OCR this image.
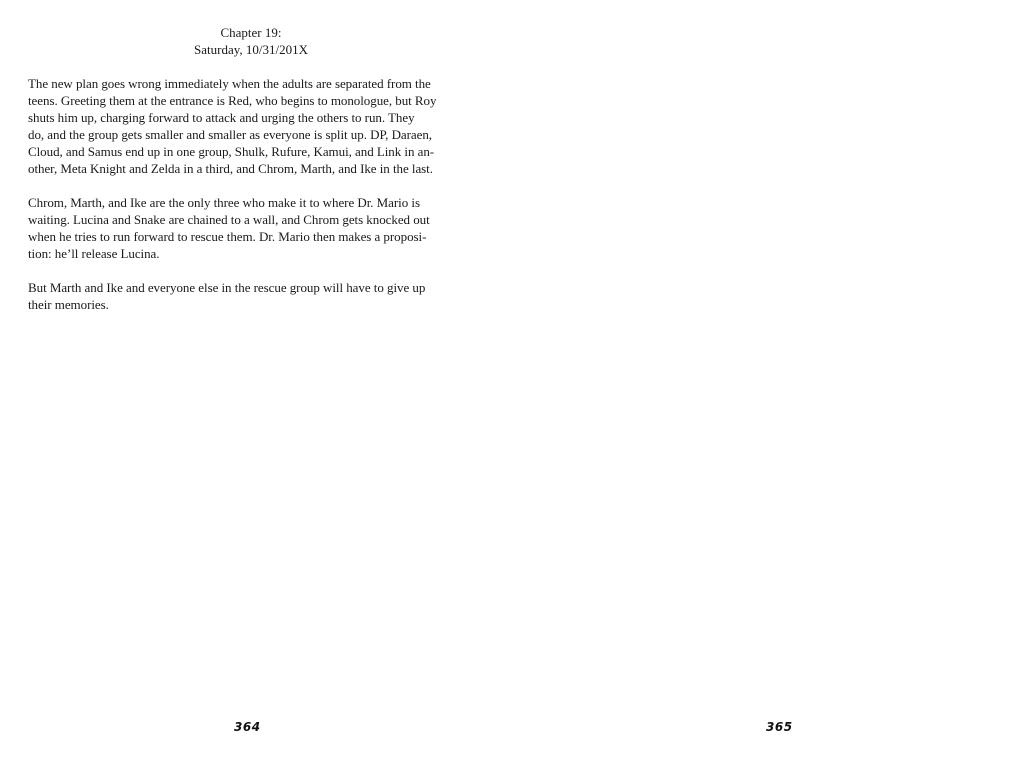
Chapter 19:
Saturday, 10/31/201X

The new plan goes wrong immediately when the adults are separated from the
teens. Greeting them at the entrance is Red, who begins to monologue, but Roy
shuts him up, charging forward to attack and urging the others to run. They
do, and the group gets smaller and smaller as everyone is split up. DP, Daraen,
Cloud, and Samus end up in one group, Shulk, Rufure, Kamui, and Link in an-
other, Meta Knight and Zelda in a third, and Chrom, Marth, and Ike in the last.

Chrom, Marth, and Ike are the only three who make it to where Dr. Mario is
waiting. Lucina and Snake are chained to a wall, and Chrom gets knocked out
when he tries to run forward to rescue them. Dr. Mario then makes a proposi-
tion: he’ll release Lucina.

But Marth and Ike and everyone else in the rescue group will have to give up
their memories.

364	365
